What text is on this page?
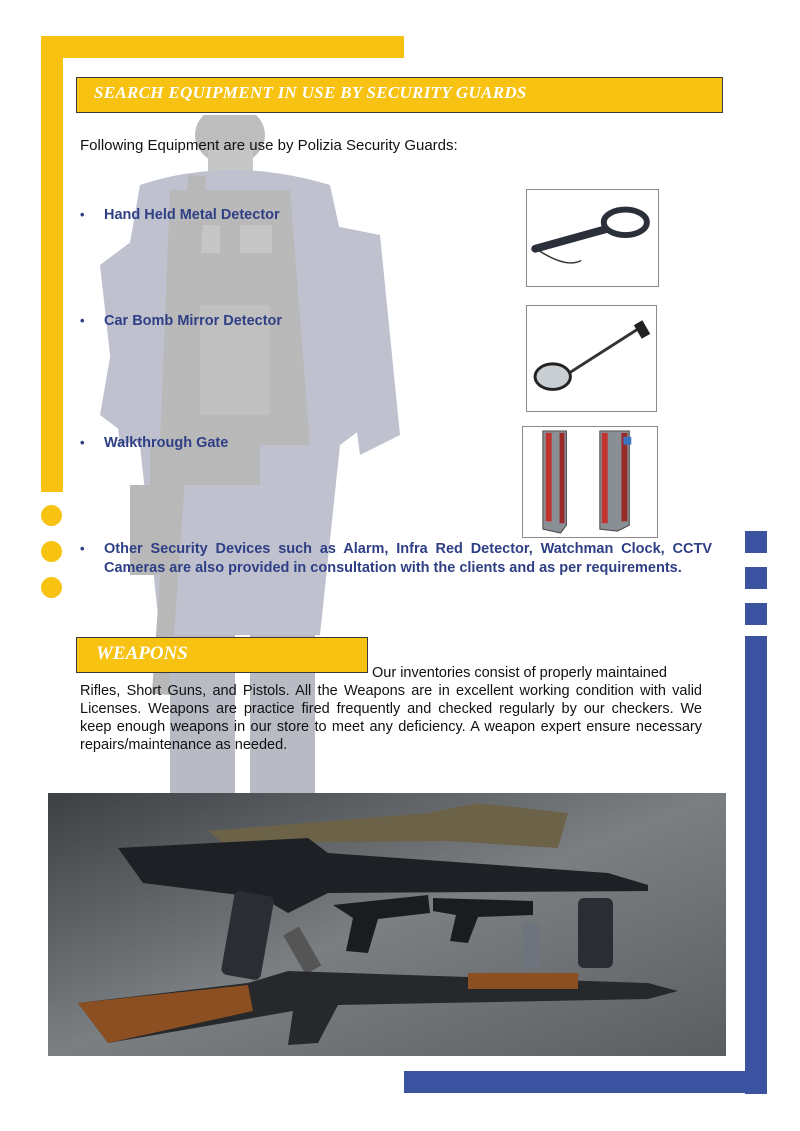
SEARCH EQUIPMENT IN USE BY SECURITY GUARDS
Following Equipment are use by Polizia Security Guards:
• Hand Held Metal Detector
• Car Bomb Mirror Detector
• Walkthrough Gate
• Other Security Devices such as Alarm, Infra Red Detector, Watchman Clock, CCTV Cameras are also provided in consultation with the clients and as per requirements.
WEAPONS
Our inventories consist of properly maintained
Rifles, Short Guns, and Pistols. All the Weapons are in excellent working condition with valid Licenses. Weapons are practice fired frequently and checked regularly by our checkers. We keep enough weapons in our store to meet any deficiency. A weapon expert ensure necessary repairs/maintenance as needed.
